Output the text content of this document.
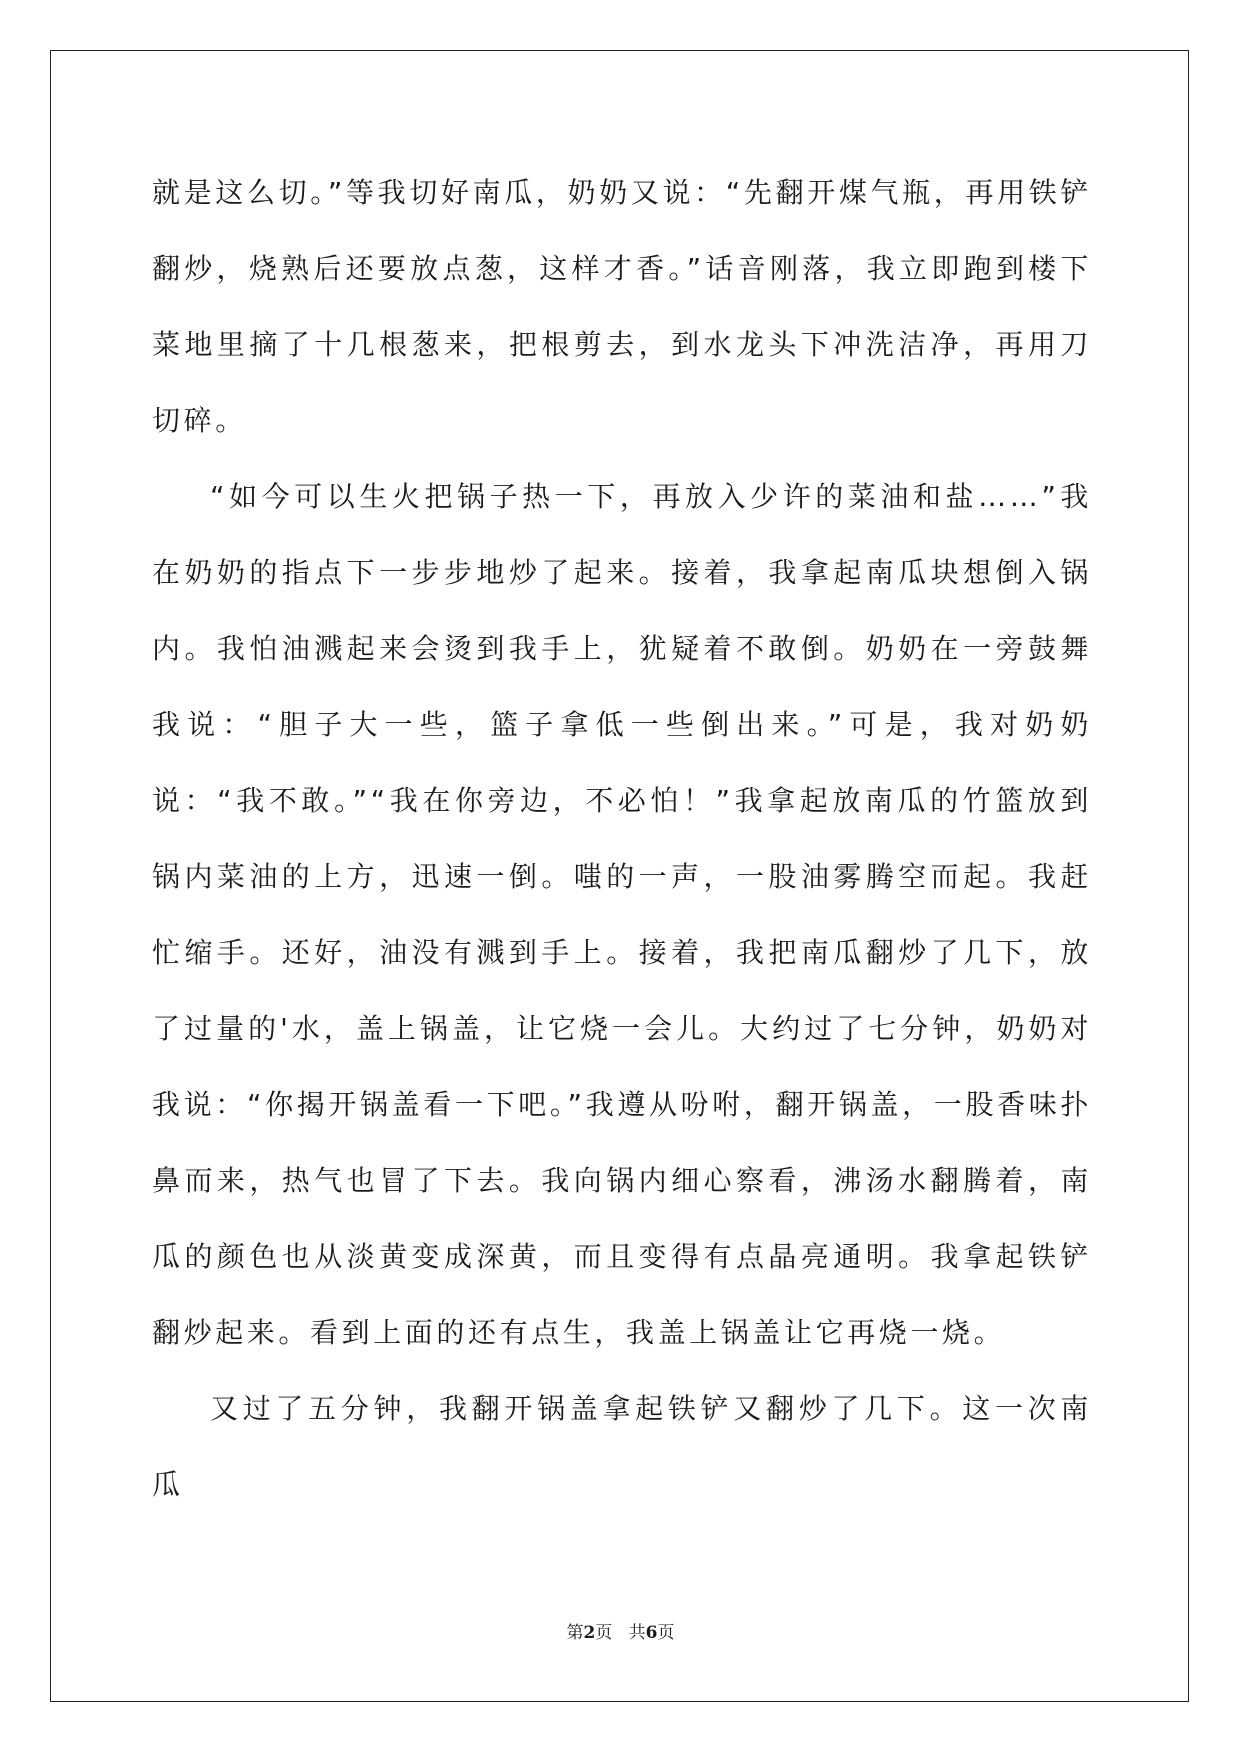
就是这么切。”等我切好南瓜，奶奶又说：“先翻开煤气瓶，再用铁铲翻炒，烧熟后还要放点葱，这样才香。”话音刚落，我立即跑到楼下菜地里摘了十几根葱来，把根剪去，到水龙头下冲洗洁净，再用刀切碎。

“如今可以生火把锅子热一下，再放入少许的菜油和盐……”我在奶奶的指点下一步步地炒了起来。接着，我拿起南瓜块想倒入锅内。我怕油溅起来会烫到我手上，犹疑着不敢倒。奶奶在一旁鼓舞我说：“胆子大一些，篮子拿低一些倒出来。”可是，我对奶奶说：“我不敢。”“我在你旁边，不必怕！”我拿起放南瓜的竹篮放到锅内菜油的上方，迅速一倒。嗤的一声，一股油雾腾空而起。我赶忙缩手。还好，油没有溅到手上。接着，我把南瓜翻炒了几下，放了过量的'水，盖上锅盖，让它烧一会儿。大约过了七分钟，奶奶对我说：“你揭开锅盖看一下吧。”我遵从吩咐，翻开锅盖，一股香味扑鼻而来，热气也冒了下去。我向锅内细心察看，沸汤水翻腾着，南瓜的颜色也从淡黄变成深黄，而且变得有点晶亮通明。我拿起铁铲翻炒起来。看到上面的还有点生，我盖上锅盖让它再烧一烧。

又过了五分钟，我翻开锅盖拿起铁铲又翻炒了几下。这一次南瓜

第2页   共6页
